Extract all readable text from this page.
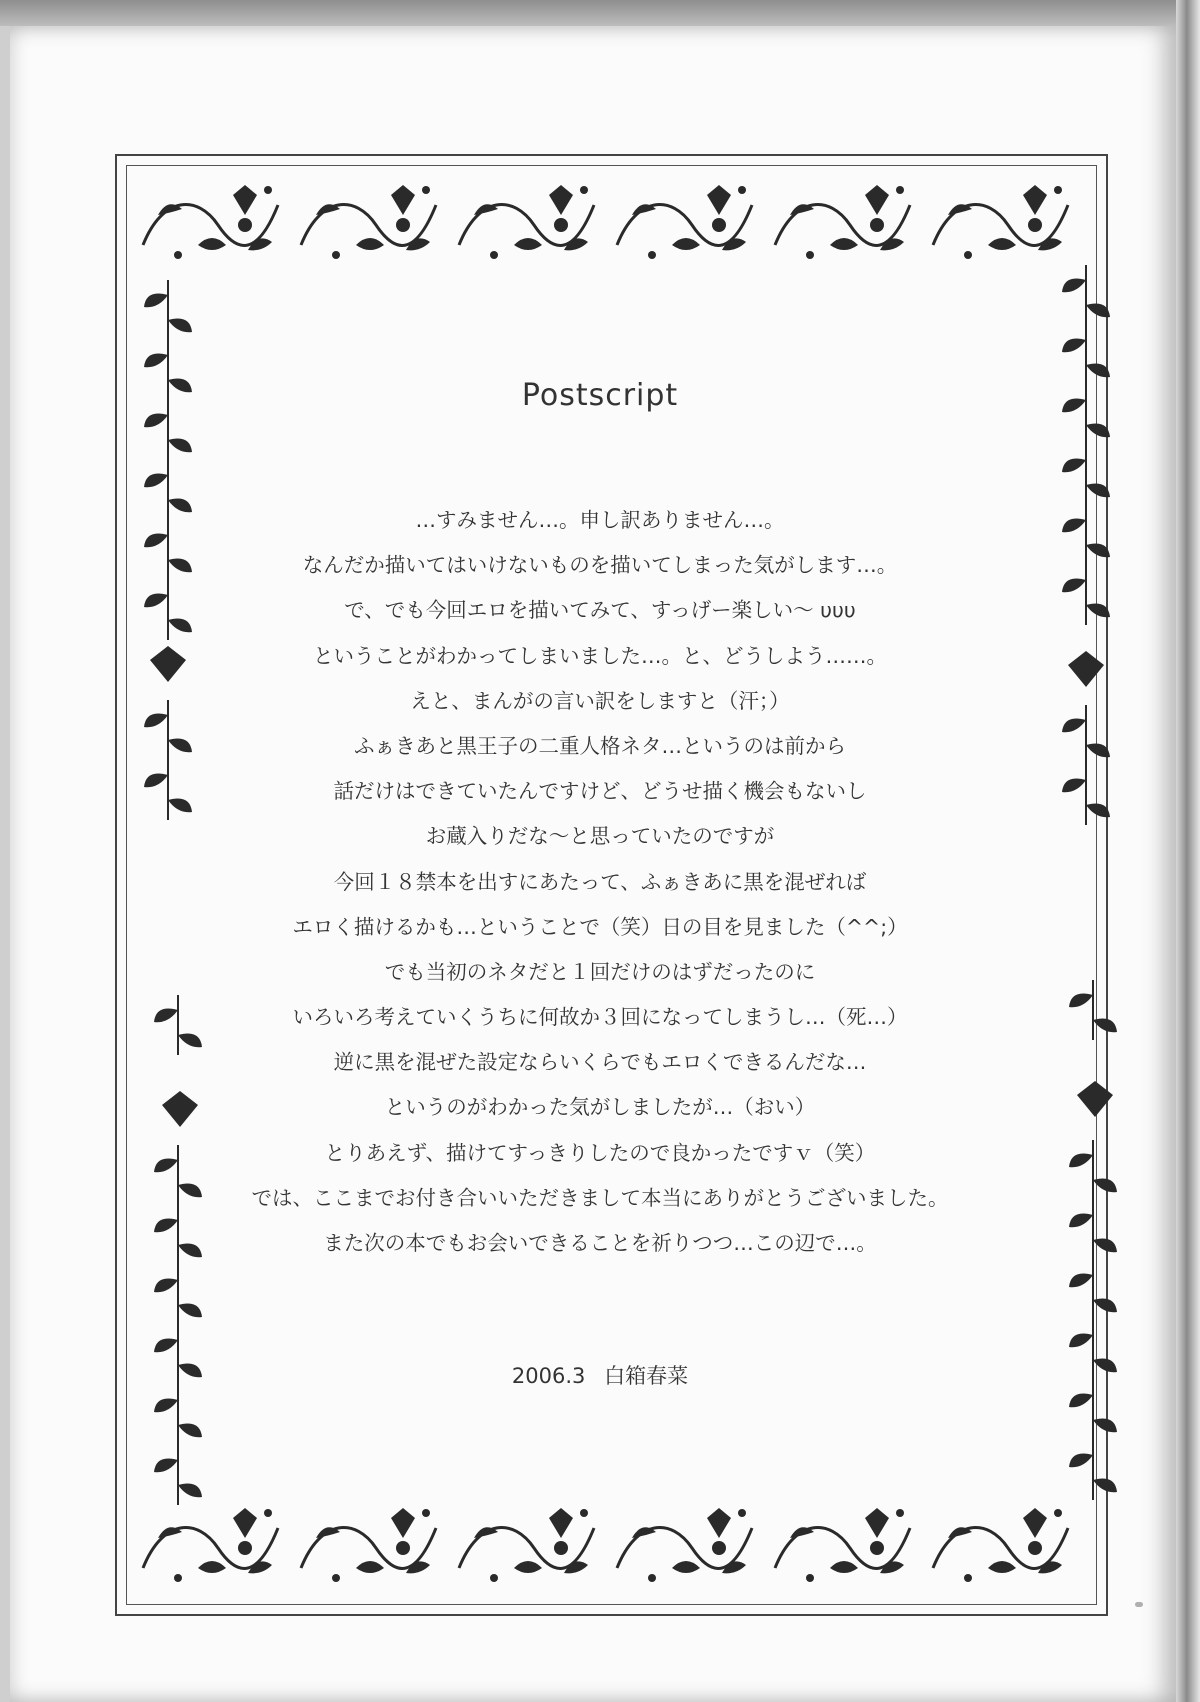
Postscript
…すみません…。申し訳ありません…。
なんだか描いてはいけないものを描いてしまった気がします…。
で、でも今回エロを描いてみて、すっげー楽しい～ υυυ
ということがわかってしまいました…。と、どうしよう……。
えと、まんがの言い訳をしますと（汗；）
ふぁきあと黒王子の二重人格ネタ…というのは前から
話だけはできていたんですけど、どうせ描く機会もないし
お蔵入りだな～と思っていたのですが
今回１８禁本を出すにあたって、ふぁきあに黒を混ぜれば
エロく描けるかも…ということで（笑）日の目を見ました（^^;）
でも当初のネタだと１回だけのはずだったのに
いろいろ考えていくうちに何故か３回になってしまうし…（死…）
逆に黒を混ぜた設定ならいくらでもエロくできるんだな…
というのがわかった気がしましたが…（おい）
とりあえず、描けてすっきりしたので良かったですｖ（笑）
では、ここまでお付き合いいただきまして本当にありがとうございました。
また次の本でもお会いできることを祈りつつ…この辺で…。
2006.3 白箱春菜
